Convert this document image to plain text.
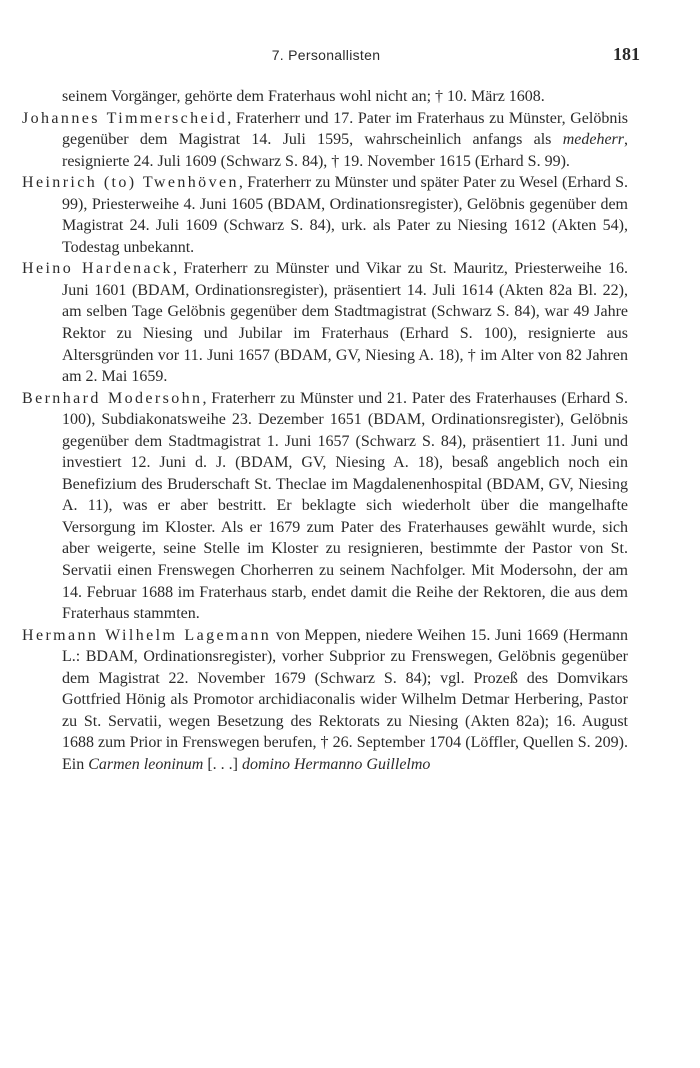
7. Personallisten	181

seinem Vorgänger, gehörte dem Fraterhaus wohl nicht an; † 10. März 1608.

Johannes Timmerscheid, Fraterherr und 17. Pater im Fraterhaus zu Münster, Gelöbnis gegenüber dem Magistrat 14. Juli 1595, wahrscheinlich anfangs als medeherr, resignierte 24. Juli 1609 (Schwarz S. 84), † 19. November 1615 (Erhard S. 99).

Heinrich (to) Twenhöven, Fraterherr zu Münster und später Pater zu Wesel (Erhard S. 99), Priesterweihe 4. Juni 1605 (BDAM, Ordinationsregister), Gelöbnis gegenüber dem Magistrat 24. Juli 1609 (Schwarz S. 84), urk. als Pater zu Niesing 1612 (Akten 54), Todestag unbekannt.

Heino Hardenack, Fraterherr zu Münster und Vikar zu St. Mauritz, Priesterweihe 16. Juni 1601 (BDAM, Ordinationsregister), präsentiert 14. Juli 1614 (Akten 82a Bl. 22), am selben Tage Gelöbnis gegenüber dem Stadtmagistrat (Schwarz S. 84), war 49 Jahre Rektor zu Niesing und Jubilar im Fraterhaus (Erhard S. 100), resignierte aus Altersgründen vor 11. Juni 1657 (BDAM, GV, Niesing A. 18), † im Alter von 82 Jahren am 2. Mai 1659.

Bernhard Modersohn, Fraterherr zu Münster und 21. Pater des Fraterhauses (Erhard S. 100), Subdiakonatsweihe 23. Dezember 1651 (BDAM, Ordinationsregister), Gelöbnis gegenüber dem Stadtmagistrat 1. Juni 1657 (Schwarz S. 84), präsentiert 11. Juni und investiert 12. Juni d. J. (BDAM, GV, Niesing A. 18), besaß angeblich noch ein Benefizium des Bruderschaft St. Theclae im Magdalenenhospital (BDAM, GV, Niesing A. 11), was er aber bestritt. Er beklagte sich wiederholt über die mangelhafte Versorgung im Kloster. Als er 1679 zum Pater des Fraterhauses gewählt wurde, sich aber weigerte, seine Stelle im Kloster zu resignieren, bestimmte der Pastor von St. Servatii einen Frenswegen Chorherren zu seinem Nachfolger. Mit Modersohn, der am 14. Februar 1688 im Fraterhaus starb, endet damit die Reihe der Rektoren, die aus dem Fraterhaus stammten.

Hermann Wilhelm Lagemann von Meppen, niedere Weihen 15. Juni 1669 (Hermann L.: BDAM, Ordinationsregister), vorher Subprior zu Frenswegen, Gelöbnis gegenüber dem Magistrat 22. November 1679 (Schwarz S. 84); vgl. Prozeß des Domvikars Gottfried Hönig als Promotor archidiaconalis wider Wilhelm Detmar Herbering, Pastor zu St. Servatii, wegen Besetzung des Rektorats zu Niesing (Akten 82a); 16. August 1688 zum Prior in Frenswegen berufen, † 26. September 1704 (Löffler, Quellen S. 209). Ein Carmen leoninum [. . .] domino Hermanno Guillelmo
